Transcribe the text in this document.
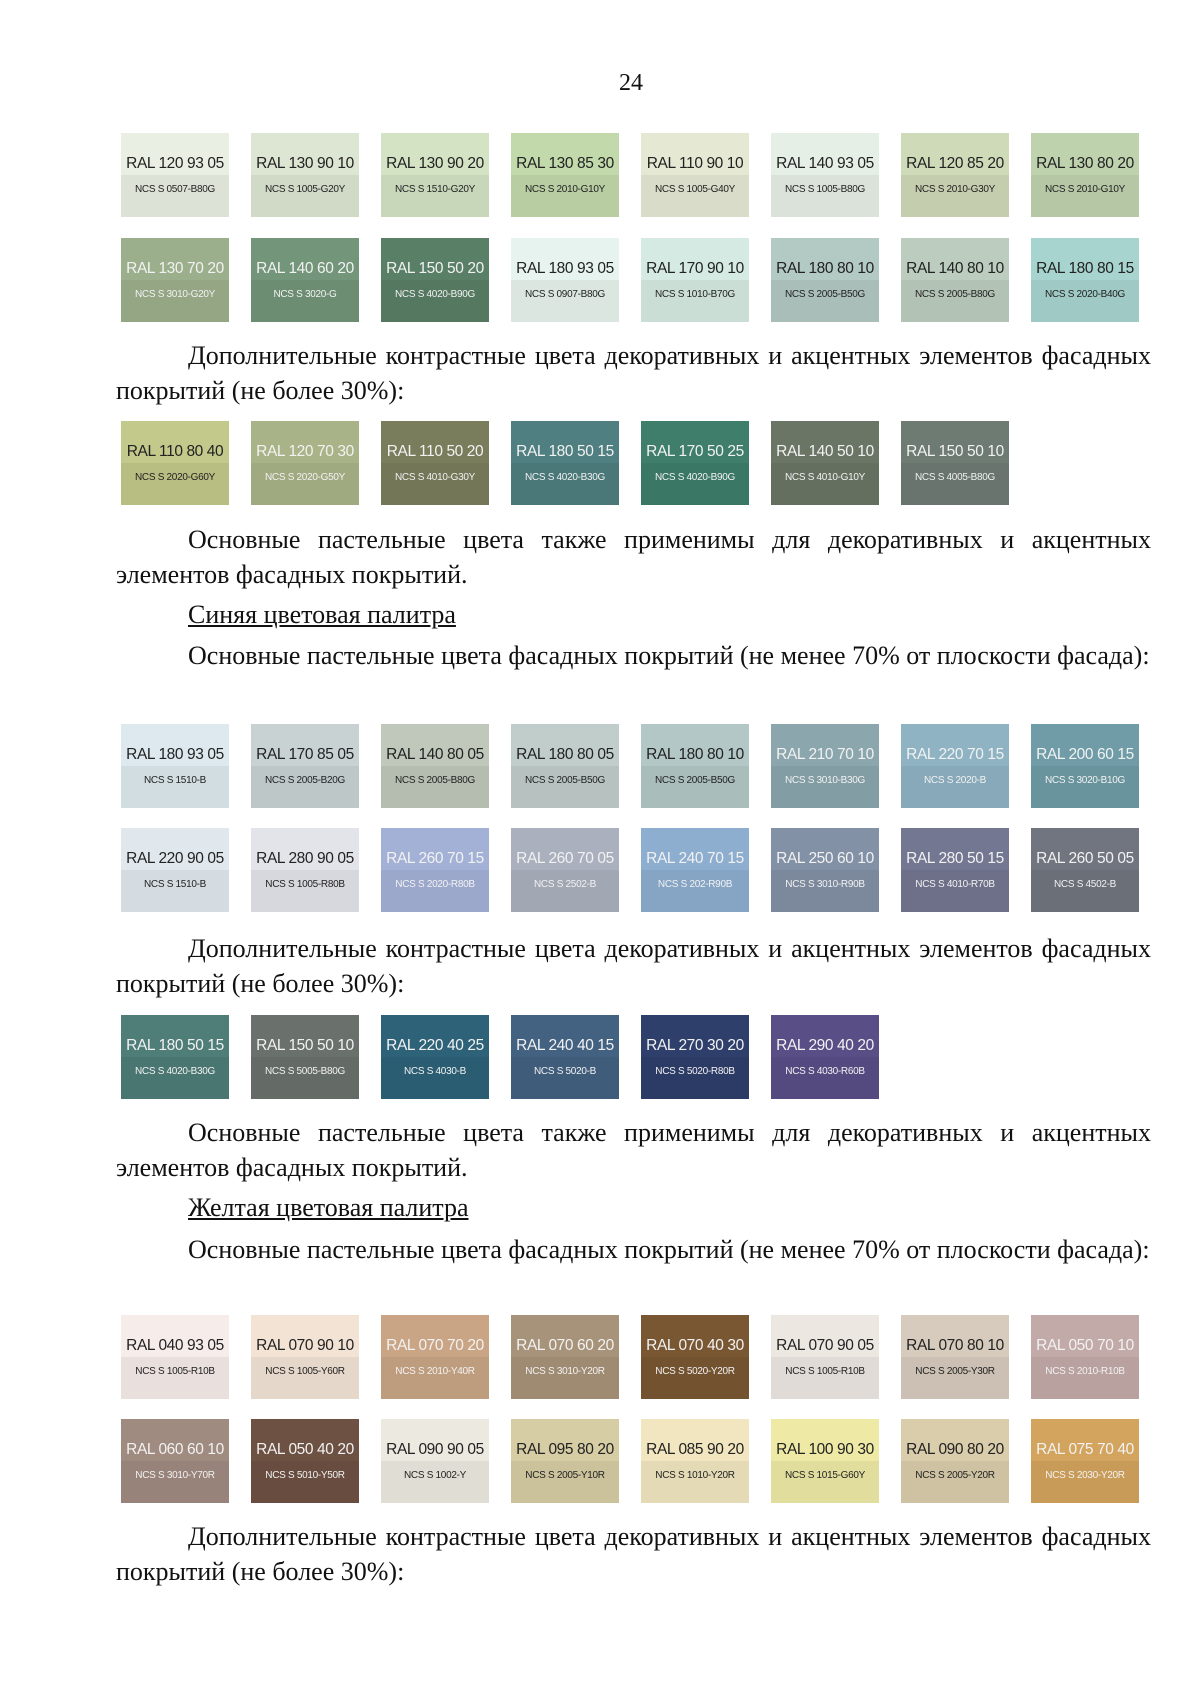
24
RAL 120 93 05
NCS S 0507-B80G
RAL 130 90 10
NCS S 1005-G20Y
RAL 130 90 20
NCS S 1510-G20Y
RAL 130 85 30
NCS S 2010-G10Y
RAL 110 90 10
NCS S 1005-G40Y
RAL 140 93 05
NCS S 1005-B80G
RAL 120 85 20
NCS S 2010-G30Y
RAL 130 80 20
NCS S 2010-G10Y
RAL 130 70 20
NCS S 3010-G20Y
RAL 140 60 20
NCS S 3020-G
RAL 150 50 20
NCS S 4020-B90G
RAL 180 93 05
NCS S 0907-B80G
RAL 170 90 10
NCS S 1010-B70G
RAL 180 80 10
NCS S 2005-B50G
RAL 140 80 10
NCS S 2005-B80G
RAL 180 80 15
NCS S 2020-B40G
Дополнительные контрастные цвета декоративных и акцентных элементов фасадных покрытий (не более 30%):
RAL 110 80 40
NCS S 2020-G60Y
RAL 120 70 30
NCS S 2020-G50Y
RAL 110 50 20
NCS S 4010-G30Y
RAL 180 50 15
NCS S 4020-B30G
RAL 170 50 25
NCS S 4020-B90G
RAL 140 50 10
NCS S 4010-G10Y
RAL 150 50 10
NCS S 4005-B80G
Основные пастельные цвета также применимы для декоративных и акцентных элементов фасадных покрытий.
Синяя цветовая палитра
Основные пастельные цвета фасадных покрытий (не менее 70% от плоскости фасада):
RAL 180 93 05
NCS S 1510-B
RAL 170 85 05
NCS S 2005-B20G
RAL 140 80 05
NCS S 2005-B80G
RAL 180 80 05
NCS S 2005-B50G
RAL 180 80 10
NCS S 2005-B50G
RAL 210 70 10
NCS S 3010-B30G
RAL 220 70 15
NCS S 2020-B
RAL 200 60 15
NCS S 3020-B10G
RAL 220 90 05
NCS S 1510-B
RAL 280 90 05
NCS S 1005-R80B
RAL 260 70 15
NCS S 2020-R80B
RAL 260 70 05
NCS S 2502-B
RAL 240 70 15
NCS S 202-R90B
RAL 250 60 10
NCS S 3010-R90B
RAL 280 50 15
NCS S 4010-R70B
RAL 260 50 05
NCS S 4502-B
Дополнительные контрастные цвета декоративных и акцентных элементов фасадных покрытий (не более 30%):
RAL 180 50 15
NCS S 4020-B30G
RAL 150 50 10
NCS S 5005-B80G
RAL 220 40 25
NCS S 4030-B
RAL 240 40 15
NCS S 5020-B
RAL 270 30 20
NCS S 5020-R80B
RAL 290 40 20
NCS S 4030-R60B
Основные пастельные цвета также применимы для декоративных и акцентных элементов фасадных покрытий.
Желтая цветовая палитра
Основные пастельные цвета фасадных покрытий (не менее 70% от плоскости фасада):
RAL 040 93 05
NCS S 1005-R10B
RAL 070 90 10
NCS S 1005-Y60R
RAL 070 70 20
NCS S 2010-Y40R
RAL 070 60 20
NCS S 3010-Y20R
RAL 070 40 30
NCS S 5020-Y20R
RAL 070 90 05
NCS S 1005-R10B
RAL 070 80 10
NCS S 2005-Y30R
RAL 050 70 10
NCS S 2010-R10B
RAL 060 60 10
NCS S 3010-Y70R
RAL 050 40 20
NCS S 5010-Y50R
RAL 090 90 05
NCS S 1002-Y
RAL 095 80 20
NCS S 2005-Y10R
RAL 085 90 20
NCS S 1010-Y20R
RAL 100 90 30
NCS S 1015-G60Y
RAL 090 80 20
NCS S 2005-Y20R
RAL 075 70 40
NCS S 2030-Y20R
Дополнительные контрастные цвета декоративных и акцентных элементов фасадных покрытий (не более 30%):
